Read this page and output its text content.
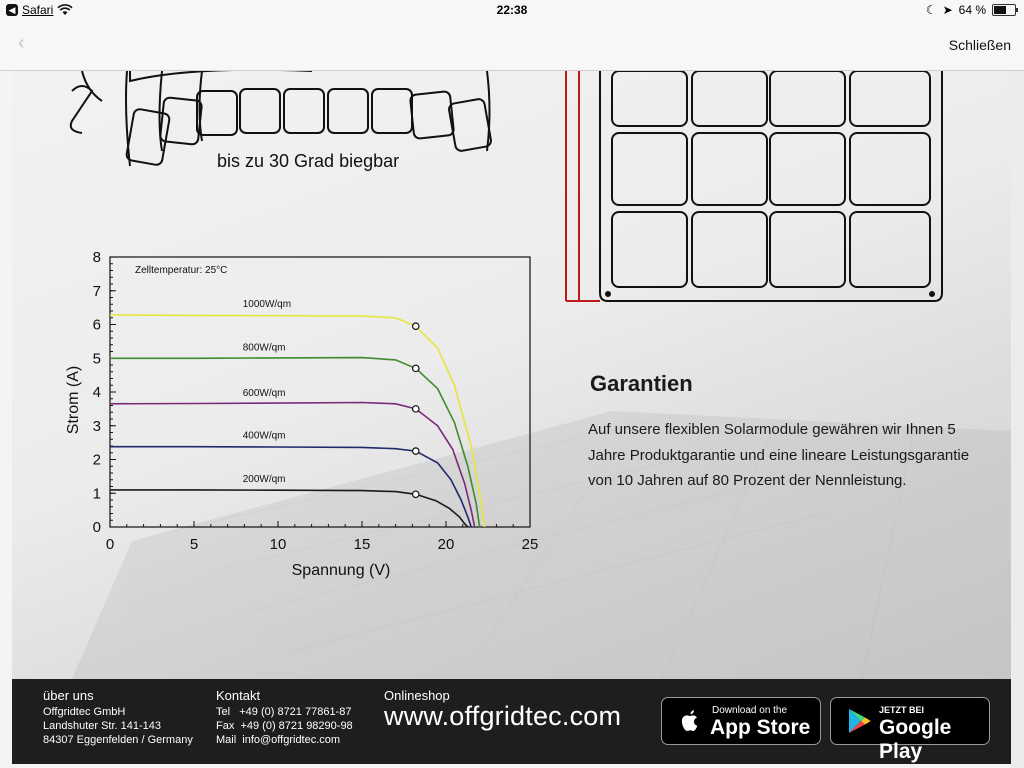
◀ Safari	22:38	☾ ➤ 64 %
‹	Schließen
bis zu 30 Grad biegbar
0	5	10	15	20	25
0
1
2
3
4
5
6
7
8
1000W/qm
800W/qm
600W/qm
400W/qm
200W/qm
Zelltemperatur: 25°C
Spannung (V)
Strom (A)	Garantien
Auf unsere flexiblen Solarmodule gewähren wir Ihnen 5 Jahre Produktgarantie und eine lineare Leistungsgarantie von 10 Jahren auf 80 Prozent der Nennleistung.
über uns
Offgridtec GmbH
Landshuter Str. 141-143
84307 Eggenfelden / Germany
Kontakt
Tel   +49 (0) 8721 77861-87
Fax  +49 (0) 8721 98290-98
Mail  info@offgridtec.com
Onlineshop
www.offgridtec.com	Download on the
App Store
JETZT BEI
Google Play
